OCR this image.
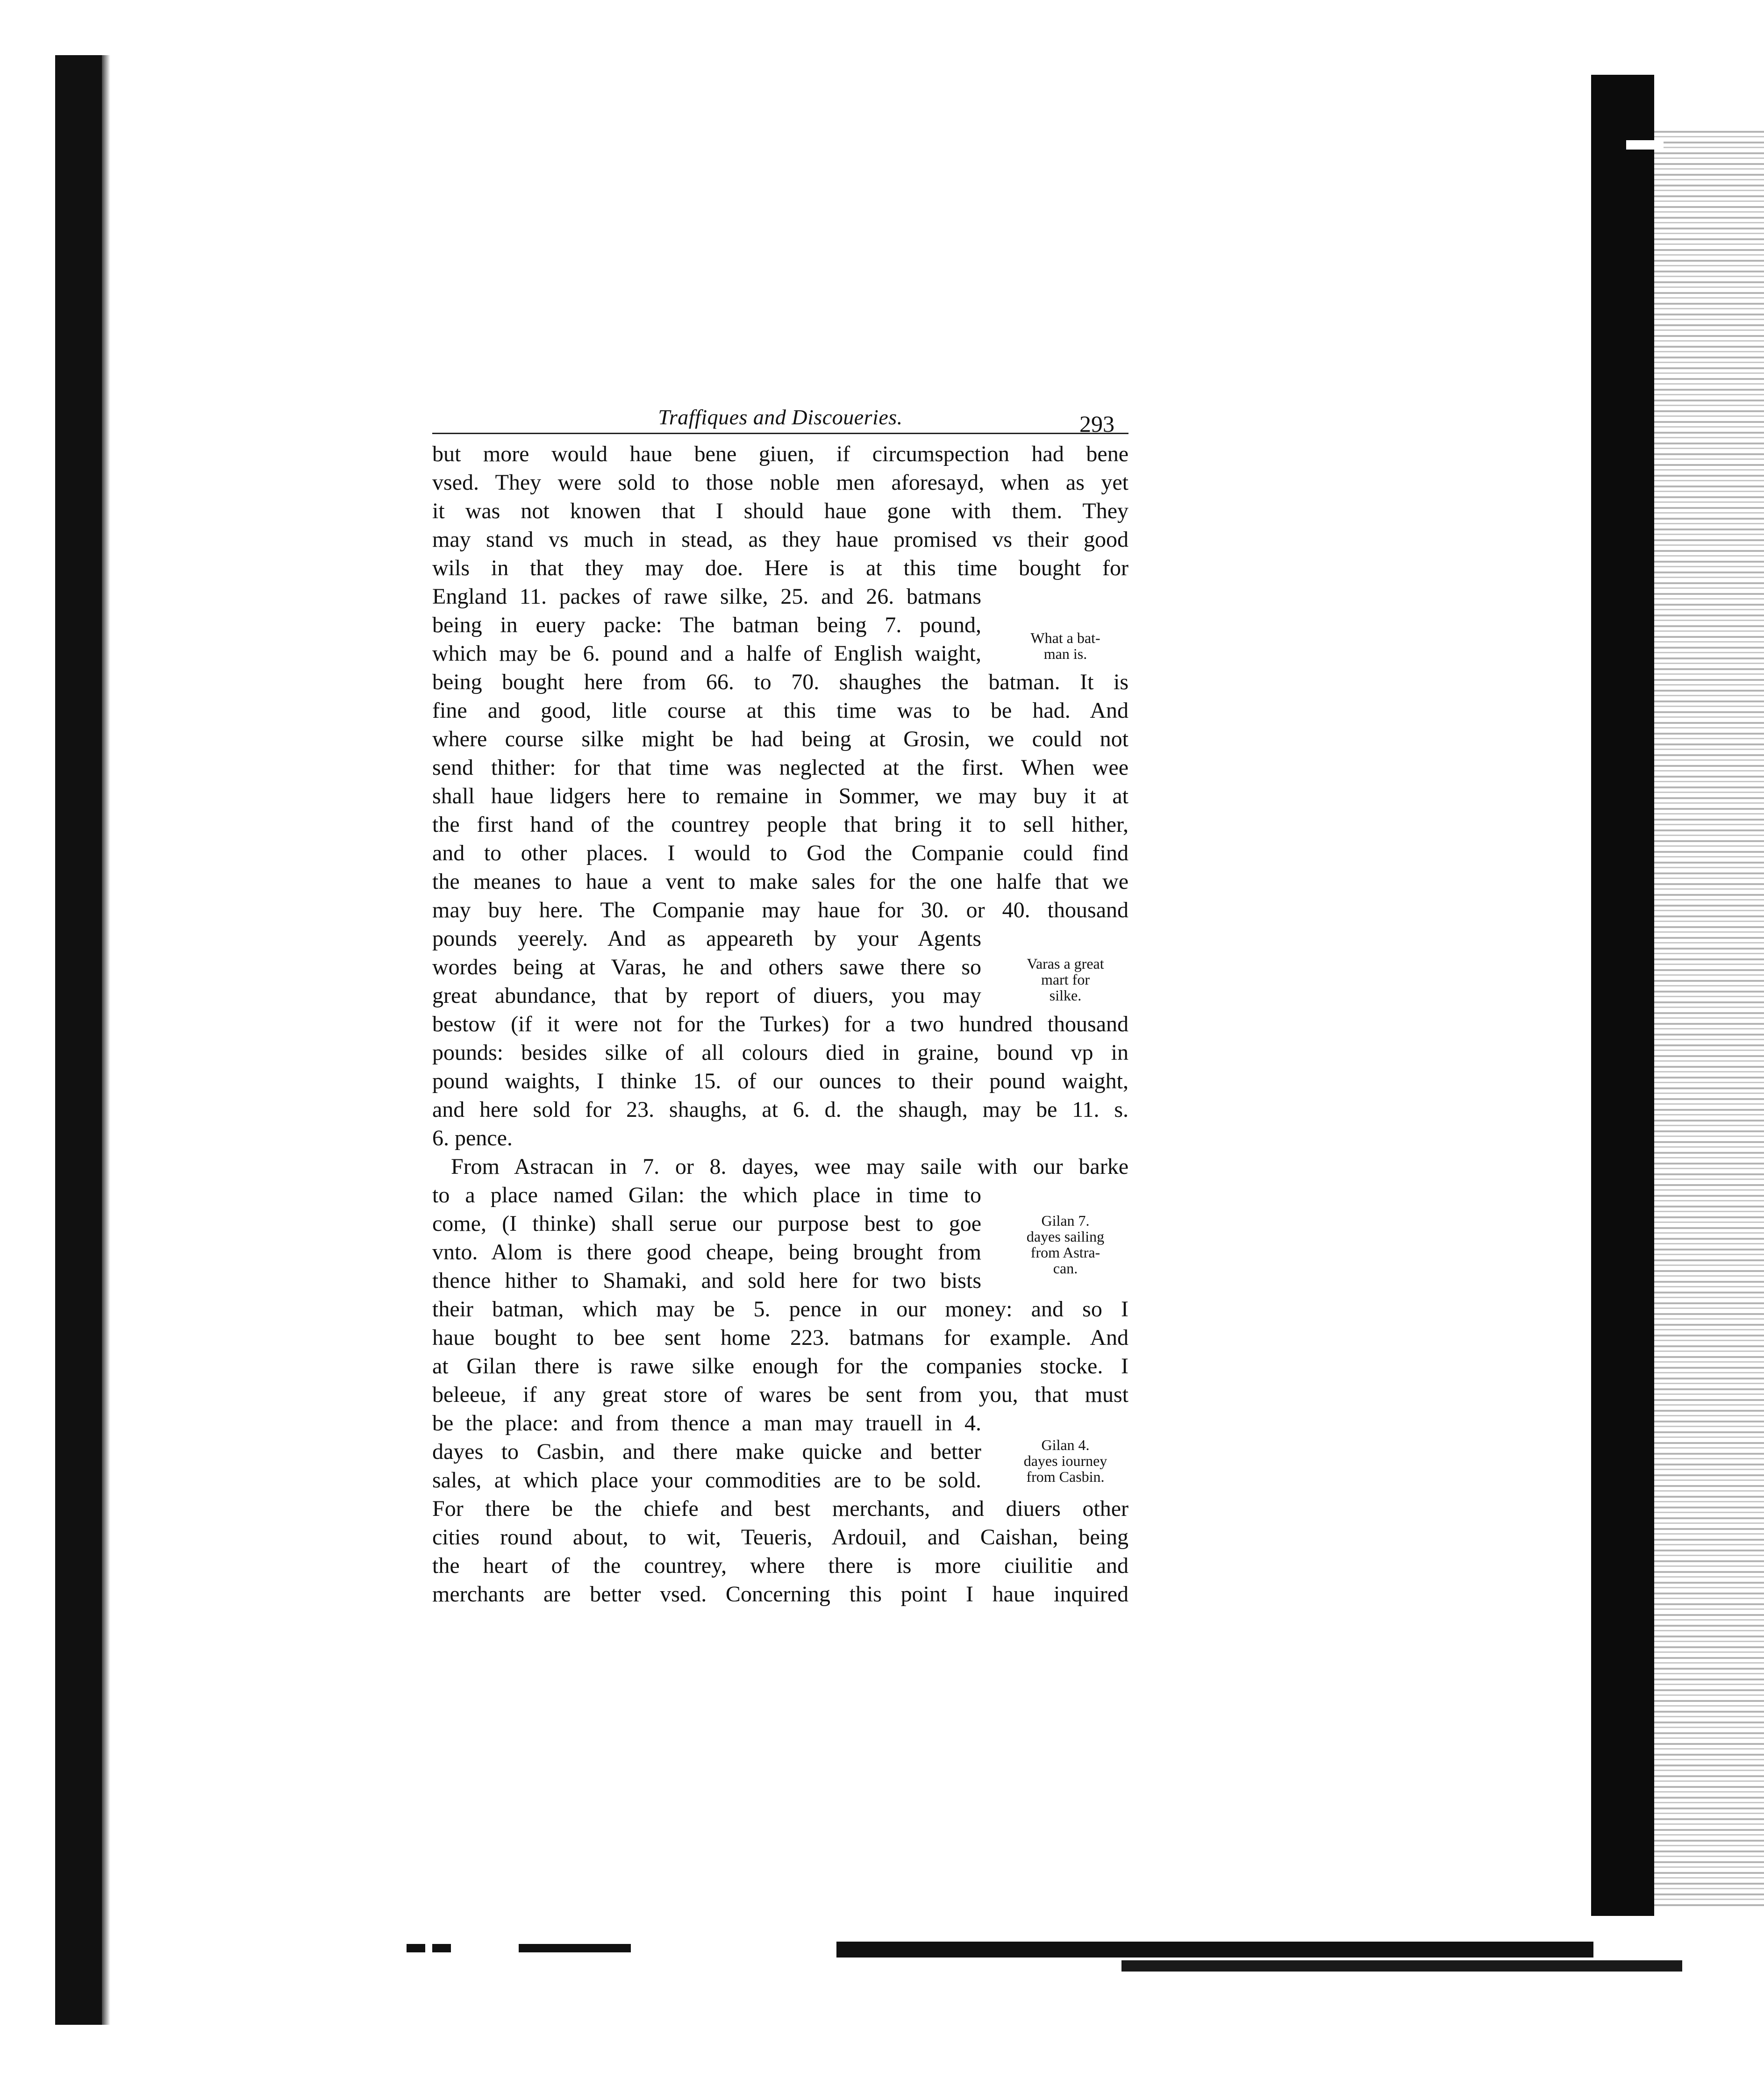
Traffiques and Discoueries.	293
but more would haue bene giuen, if circumspection had bene
vsed. They were sold to those noble men aforesayd, when as yet
it was not knowen that I should haue gone with them. They
may stand vs much in stead, as they haue promised vs their good
wils in that they may doe. Here is at this time bought for
England 11. packes of rawe silke, 25. and 26. batmans
being in euery packe: The batman being 7. pound,
which may be 6. pound and a halfe of English waight,
being bought here from 66. to 70. shaughes the batman. It is
fine and good, litle course at this time was to be had. And
where course silke might be had being at Grosin, we could not
send thither: for that time was neglected at the first. When wee
shall haue lidgers here to remaine in Sommer, we may buy it at
the first hand of the countrey people that bring it to sell hither,
and to other places. I would to God the Companie could find
the meanes to haue a vent to make sales for the one halfe that we
may buy here. The Companie may haue for 30. or 40. thousand
pounds yeerely. And as appeareth by your Agents
wordes being at Varas, he and others sawe there so
great abundance, that by report of diuers, you may
bestow (if it were not for the Turkes) for a two hundred thousand
pounds: besides silke of all colours died in graine, bound vp in
pound waights, I thinke 15. of our ounces to their pound waight,
and here sold for 23. shaughs, at 6. d. the shaugh, may be 11. s.
6. pence.
From Astracan in 7. or 8. dayes, wee may saile with our barke
to a place named Gilan: the which place in time to
come, (I thinke) shall serue our purpose best to goe
vnto. Alom is there good cheape, being brought from
thence hither to Shamaki, and sold here for two bists
their batman, which may be 5. pence in our money: and so I
haue bought to bee sent home 223. batmans for example. And
at Gilan there is rawe silke enough for the companies stocke. I
beleeue, if any great store of wares be sent from you, that must
be the place: and from thence a man may trauell in 4.
dayes to Casbin, and there make quicke and better
sales, at which place your commodities are to be sold.
For there be the chiefe and best merchants, and diuers other
cities round about, to wit, Teueris, Ardouil, and Caishan, being
the heart of the countrey, where there is more ciuilitie and
merchants are better vsed. Concerning this point I haue inquired
What a bat-
man is.
Varas a great
mart for
silke.
Gilan 7.
dayes sailing
from Astra-
can.
Gilan 4.
dayes iourney
from Casbin.
